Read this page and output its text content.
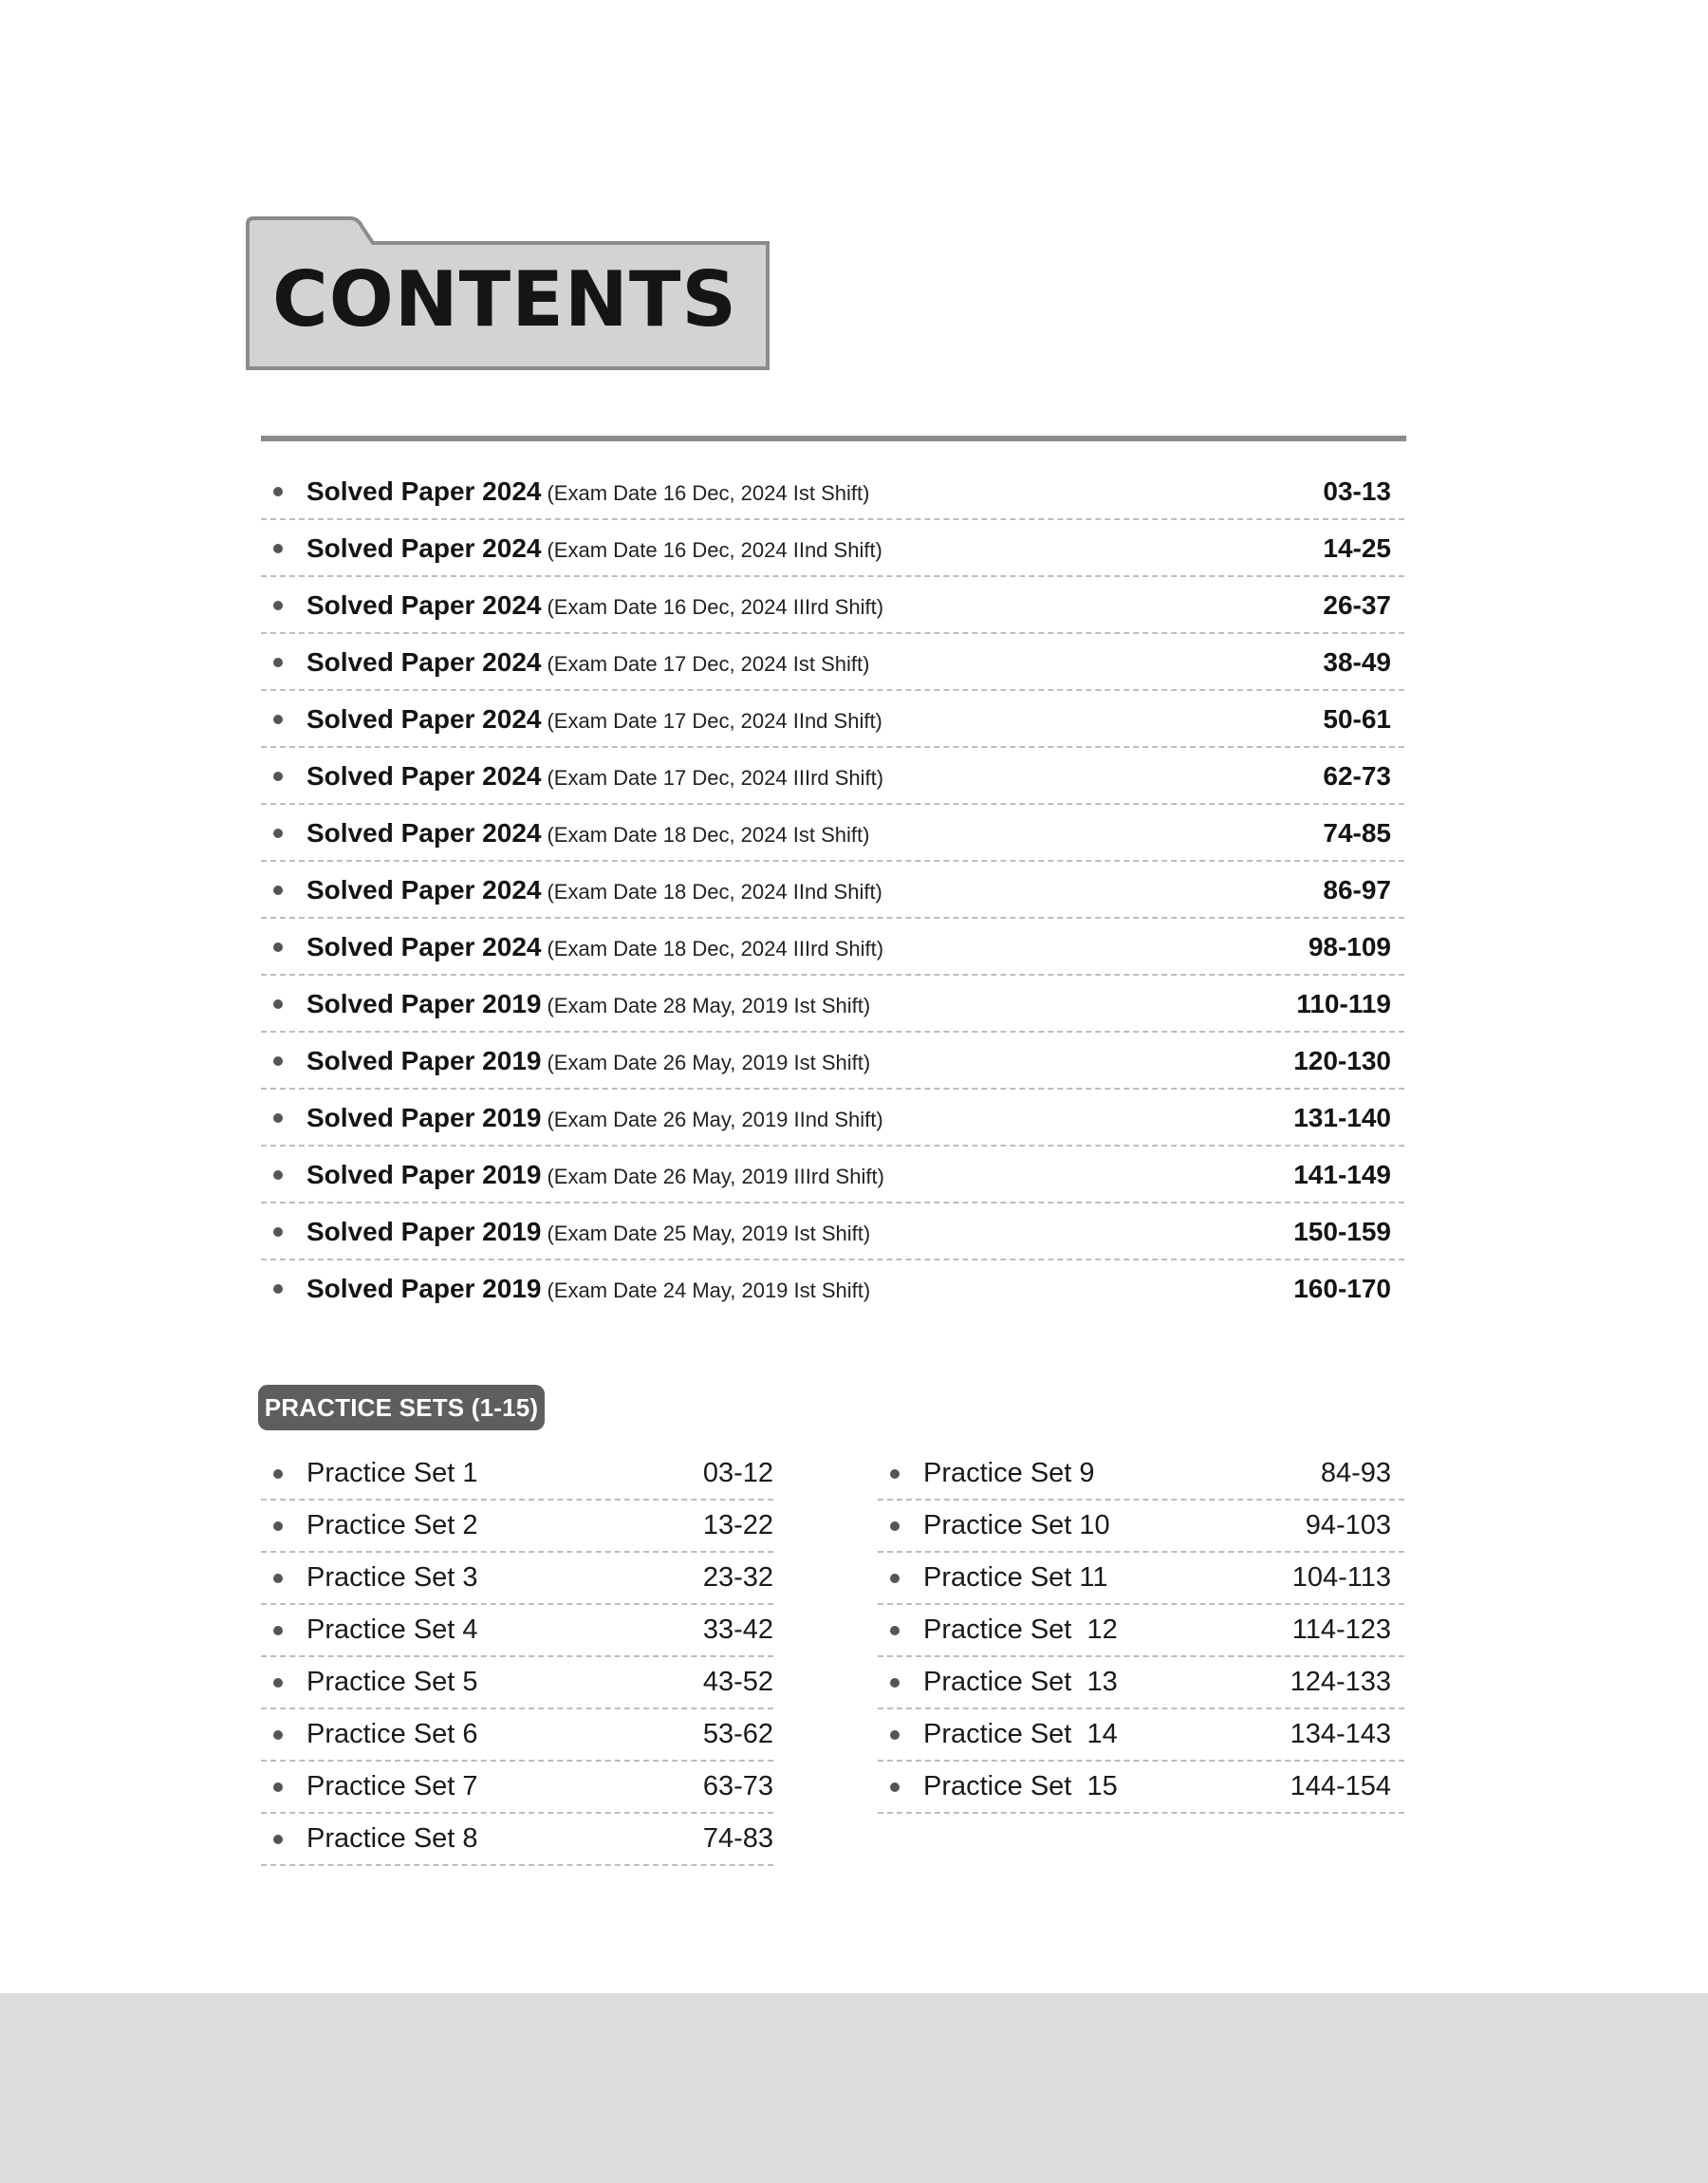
CONTENTS
Solved Paper 2024 (Exam Date 16 Dec, 2024 Ist Shift)	03-13
Solved Paper 2024 (Exam Date 16 Dec, 2024 IInd Shift)	14-25
Solved Paper 2024 (Exam Date 16 Dec, 2024 IIIrd Shift)	26-37
Solved Paper 2024 (Exam Date 17 Dec, 2024 Ist Shift)	38-49
Solved Paper 2024 (Exam Date 17 Dec, 2024 IInd Shift)	50-61
Solved Paper 2024 (Exam Date 17 Dec, 2024 IIIrd Shift)	62-73
Solved Paper 2024 (Exam Date 18 Dec, 2024 Ist Shift)	74-85
Solved Paper 2024 (Exam Date 18 Dec, 2024 IInd Shift)	86-97
Solved Paper 2024 (Exam Date 18 Dec, 2024 IIIrd Shift)	98-109
Solved Paper 2019 (Exam Date 28 May, 2019 Ist Shift)	110-119
Solved Paper 2019 (Exam Date 26 May, 2019 Ist Shift)	120-130
Solved Paper 2019 (Exam Date 26 May, 2019 IInd Shift)	131-140
Solved Paper 2019 (Exam Date 26 May, 2019 IIIrd Shift)	141-149
Solved Paper 2019 (Exam Date 25 May, 2019 Ist Shift)	150-159
Solved Paper 2019 (Exam Date 24 May, 2019 Ist Shift)	160-170
PRACTICE SETS (1-15)
Practice Set 1	03-12
Practice Set 2	13-22
Practice Set 3	23-32
Practice Set 4	33-42
Practice Set 5	43-52
Practice Set 6	53-62
Practice Set 7	63-73
Practice Set 8	74-83
Practice Set 9	84-93
Practice Set 10	94-103
Practice Set 11	104-113
Practice Set  12	114-123
Practice Set  13	124-133
Practice Set  14	134-143
Practice Set  15	144-154
